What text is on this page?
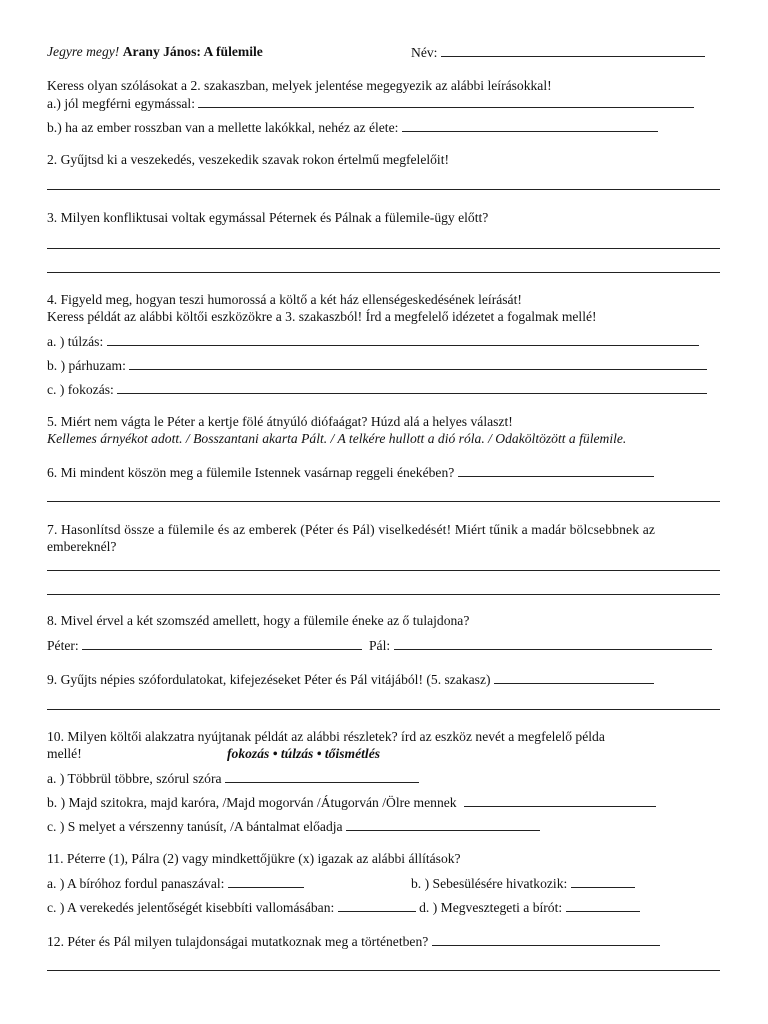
Jegyre megy! Arany János: A fülemile	Név:
Keress olyan szólásokat a 2. szakaszban, melyek jelentése megegyezik az alábbi leírásokkal!
a.) jól megférni egymással:
b.) ha az ember rosszban van a mellette lakókkal, nehéz az élete:
2. Gyűjtsd ki a veszekedés, veszekedik szavak rokon értelmű megfelelőit!
3. Milyen konfliktusai voltak egymással Péternek és Pálnak a fülemile-ügy előtt?
4. Figyeld meg, hogyan teszi humorossá a költő a két ház ellenségeskedésének leírását!
Keress példát az alábbi költői eszközökre a 3. szakaszból! Írd a megfelelő idézetet a fogalmak mellé!
a. ) túlzás:
b. ) párhuzam:
c. ) fokozás:
5. Miért nem vágta le Péter a kertje fölé átnyúló diófaágat? Húzd alá a helyes választ!
Kellemes árnyékot adott. / Bosszantani akarta Pált. / A telkére hullott a dió róla. / Odaköltözött a fülemile.
6. Mi mindent köszön meg a fülemile Istennek vasárnap reggeli énekében?
7. Hasonlítsd össze a fülemile és az emberek (Péter és Pál) viselkedését! Miért tűnik a madár bölcsebbnek az
embereknél?
8. Mivel érvel a két szomszéd amellett, hogy a fülemile éneke az ő tulajdona?
Péter:	Pál:
9. Gyűjts népies szófordulatokat, kifejezéseket Péter és Pál vitájából! (5. szakasz)
10. Milyen költői alakzatra nyújtanak példát az alábbi részletek? írd az eszköz nevét a megfelelő példa
mellé!	fokozás • túlzás • tőismétlés
a. ) Többrül többre, szórul szóra
b. ) Majd szitokra, majd karóra, /Majd mogorván /Átugorván /Ölre mennek
c. ) S melyet a vérszenny tanúsít, /A bántalmat előadja
11. Péterre (1), Pálra (2) vagy mindkettőjükre (x) igazak az alábbi állítások?
a. ) A bíróhoz fordul panaszával:	b. ) Sebesülésére hivatkozik:
c. ) A verekedés jelentőségét kisebbíti vallomásában:	d. ) Megvesztegeti a bírót:
12. Péter és Pál milyen tulajdonságai mutatkoznak meg a történetben?
